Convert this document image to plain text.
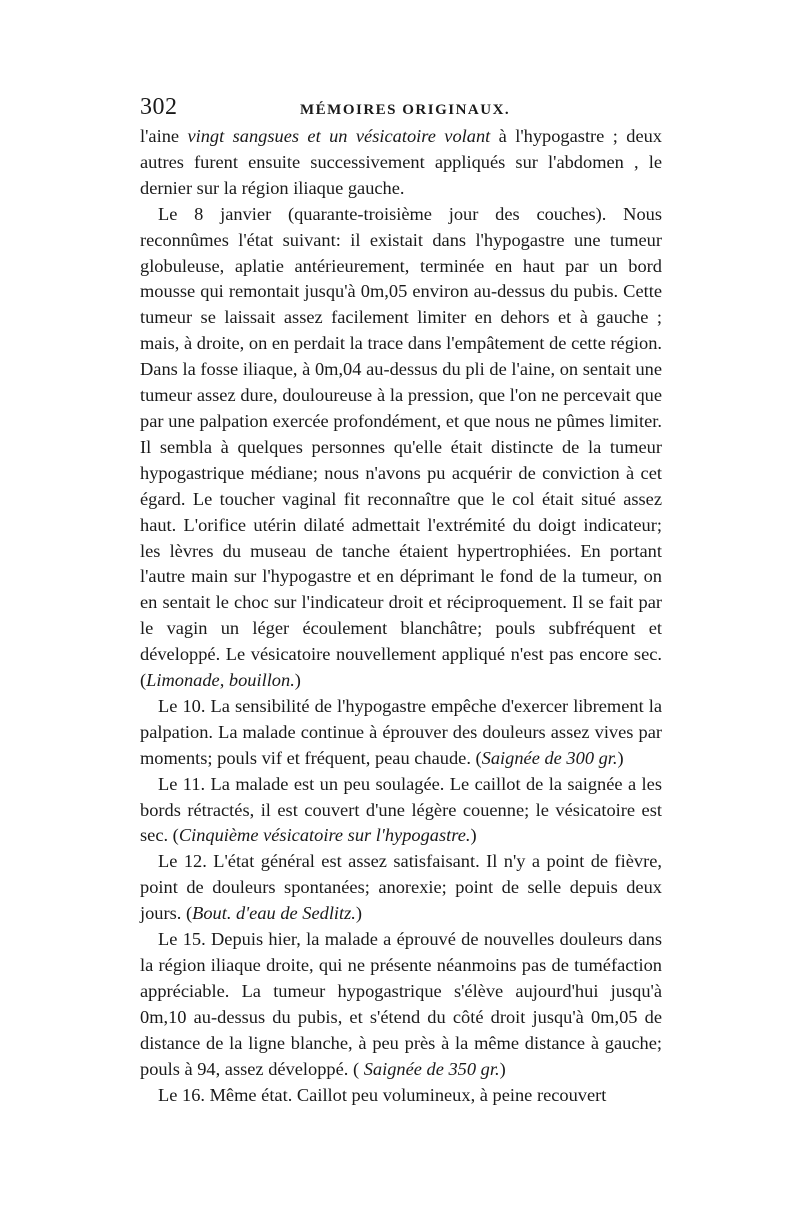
302	MÉMOIRES ORIGINAUX.

l'aine vingt sangsues et un vésicatoire volant à l'hypogastre ; deux autres furent ensuite successivement appliqués sur l'abdomen , le dernier sur la région iliaque gauche.

Le 8 janvier (quarante-troisième jour des couches). Nous reconnûmes l'état suivant: il existait dans l'hypogastre une tumeur globuleuse, aplatie antérieurement, terminée en haut par un bord mousse qui remontait jusqu'à 0m,05 environ au-dessus du pubis. Cette tumeur se laissait assez facilement limiter en dehors et à gauche ; mais, à droite, on en perdait la trace dans l'empâtement de cette région. Dans la fosse iliaque, à 0m,04 au-dessus du pli de l'aine, on sentait une tumeur assez dure, douloureuse à la pression, que l'on ne percevait que par une palpation exercée profondément, et que nous ne pûmes limiter. Il sembla à quelques personnes qu'elle était distincte de la tumeur hypogastrique médiane; nous n'avons pu acquérir de conviction à cet égard. Le toucher vaginal fit reconnaître que le col était situé assez haut. L'orifice utérin dilaté admettait l'extrémité du doigt indicateur; les lèvres du museau de tanche étaient hypertrophiées. En portant l'autre main sur l'hypogastre et en déprimant le fond de la tumeur, on en sentait le choc sur l'indicateur droit et réciproquement. Il se fait par le vagin un léger écoulement blanchâtre; pouls subfréquent et développé. Le vésicatoire nouvellement appliqué n'est pas encore sec. (Limonade, bouillon.)

Le 10. La sensibilité de l'hypogastre empêche d'exercer librement la palpation. La malade continue à éprouver des douleurs assez vives par moments; pouls vif et fréquent, peau chaude. (Saignée de 300 gr.)

Le 11. La malade est un peu soulagée. Le caillot de la saignée a les bords rétractés, il est couvert d'une légère couenne; le vésicatoire est sec. (Cinquième vésicatoire sur l'hypogastre.)

Le 12. L'état général est assez satisfaisant. Il n'y a point de fièvre, point de douleurs spontanées; anorexie; point de selle depuis deux jours. (Bout. d'eau de Sedlitz.)

Le 15. Depuis hier, la malade a éprouvé de nouvelles douleurs dans la région iliaque droite, qui ne présente néanmoins pas de tuméfaction appréciable. La tumeur hypogastrique s'élève aujourd'hui jusqu'à 0m,10 au-dessus du pubis, et s'étend du côté droit jusqu'à 0m,05 de distance de la ligne blanche, à peu près à la même distance à gauche; pouls à 94, assez développé. ( Saignée de 350 gr.)

Le 16. Même état. Caillot peu volumineux, à peine recouvert
